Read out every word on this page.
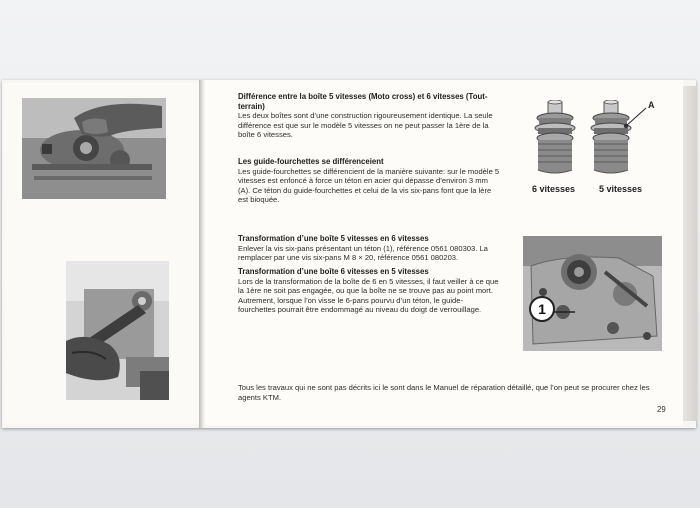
Différence entre la boîte 5 vitesses (Moto cross) et 6 vitesses (Tout-terrain)

Les deux boîtes sont d’une construction rigoureusement identique. La seule différence est que sur le modèle 5 vitesses on ne peut passer la 1ère de la boîte 6 vitesses.

Les guide-fourchettes se différenceient

Les guide-fourchettes se différencient de la manière suivante: sur le modèle 5 vitesses est enfoncé à force un téton en acier qui dépasse d’environ 3 mm (A). Ce téton du guide-fourchettes et celui de la vis six-pans font que la lère est bioquée.

Transformation d’une boîte 5 vitesses en 6 vitesses

Enlever la vis six-pans présentant un téton (1), référence 0561 080303. La remplacer par une vis six-pans M 8 × 20, référence 0561 080203.

Transformation d’une boîte 6 vitesses en 5 vitesses

Lors de la transformation de la boîte de 6 en 5 vitesses, il faut veiller à ce que la 1ère ne soit pas engagée, ou que la boîte ne se trouve pas au point mort. Autrement, lorsque l’on visse le 6-pans pourvu d’un téton, le guide-fourchettes pourrait être endommagé au niveau du doigt de verrouillage.

Tous les travaux qui ne sont pas décrits ici le sont dans le Manuel de réparation détaillé, que l’on peut se procurer chez les agents KTM.
29
A
6 vitesses	5 vitesses
1
